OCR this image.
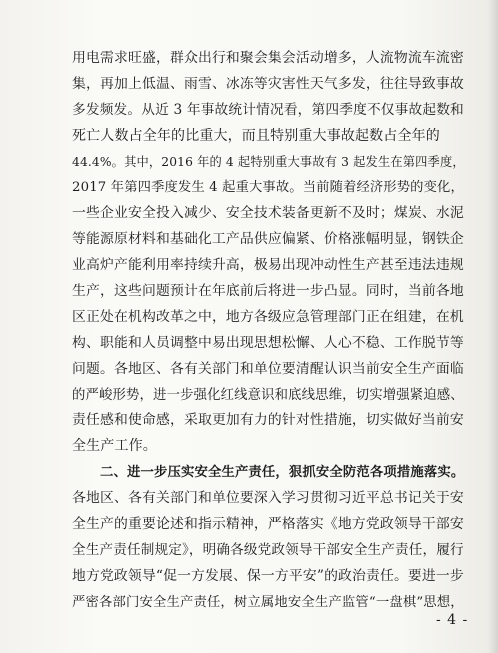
用电需求旺盛，群众出行和聚会集会活动增多，人流物流车流密
集，再加上低温、雨雪、冰冻等灾害性天气多发，往往导致事故
多发频发。从近 3 年事故统计情况看，第四季度不仅事故起数和
死亡人数占全年的比重大，而且特别重大事故起数占全年的
44.4%。其中，2016 年的 4 起特别重大事故有 3 起发生在第四季度，
2017 年第四季度发生 4 起重大事故。当前随着经济形势的变化，
一些企业安全投入减少、安全技术装备更新不及时；煤炭、水泥
等能源原材料和基础化工产品供应偏紧、价格涨幅明显，钢铁企
业高炉产能利用率持续升高，极易出现冲动性生产甚至违法违规
生产，这些问题预计在年底前后将进一步凸显。同时，当前各地
区正处在机构改革之中，地方各级应急管理部门正在组建，在机
构、职能和人员调整中易出现思想松懈、人心不稳、工作脱节等
问题。各地区、各有关部门和单位要清醒认识当前安全生产面临
的严峻形势，进一步强化红线意识和底线思维，切实增强紧迫感、
责任感和使命感，采取更加有力的针对性措施，切实做好当前安
全生产工作。
二、进一步压实安全生产责任，狠抓安全防范各项措施落实。
各地区、各有关部门和单位要深入学习贯彻习近平总书记关于安
全生产的重要论述和指示精神，严格落实《地方党政领导干部安
全生产责任制规定》，明确各级党政领导干部安全生产责任，履行
地方党政领导“促一方发展、保一方平安”的政治责任。要进一步
严密各部门安全生产责任，树立属地安全生产监管“一盘棋”思想，
- 4 -
